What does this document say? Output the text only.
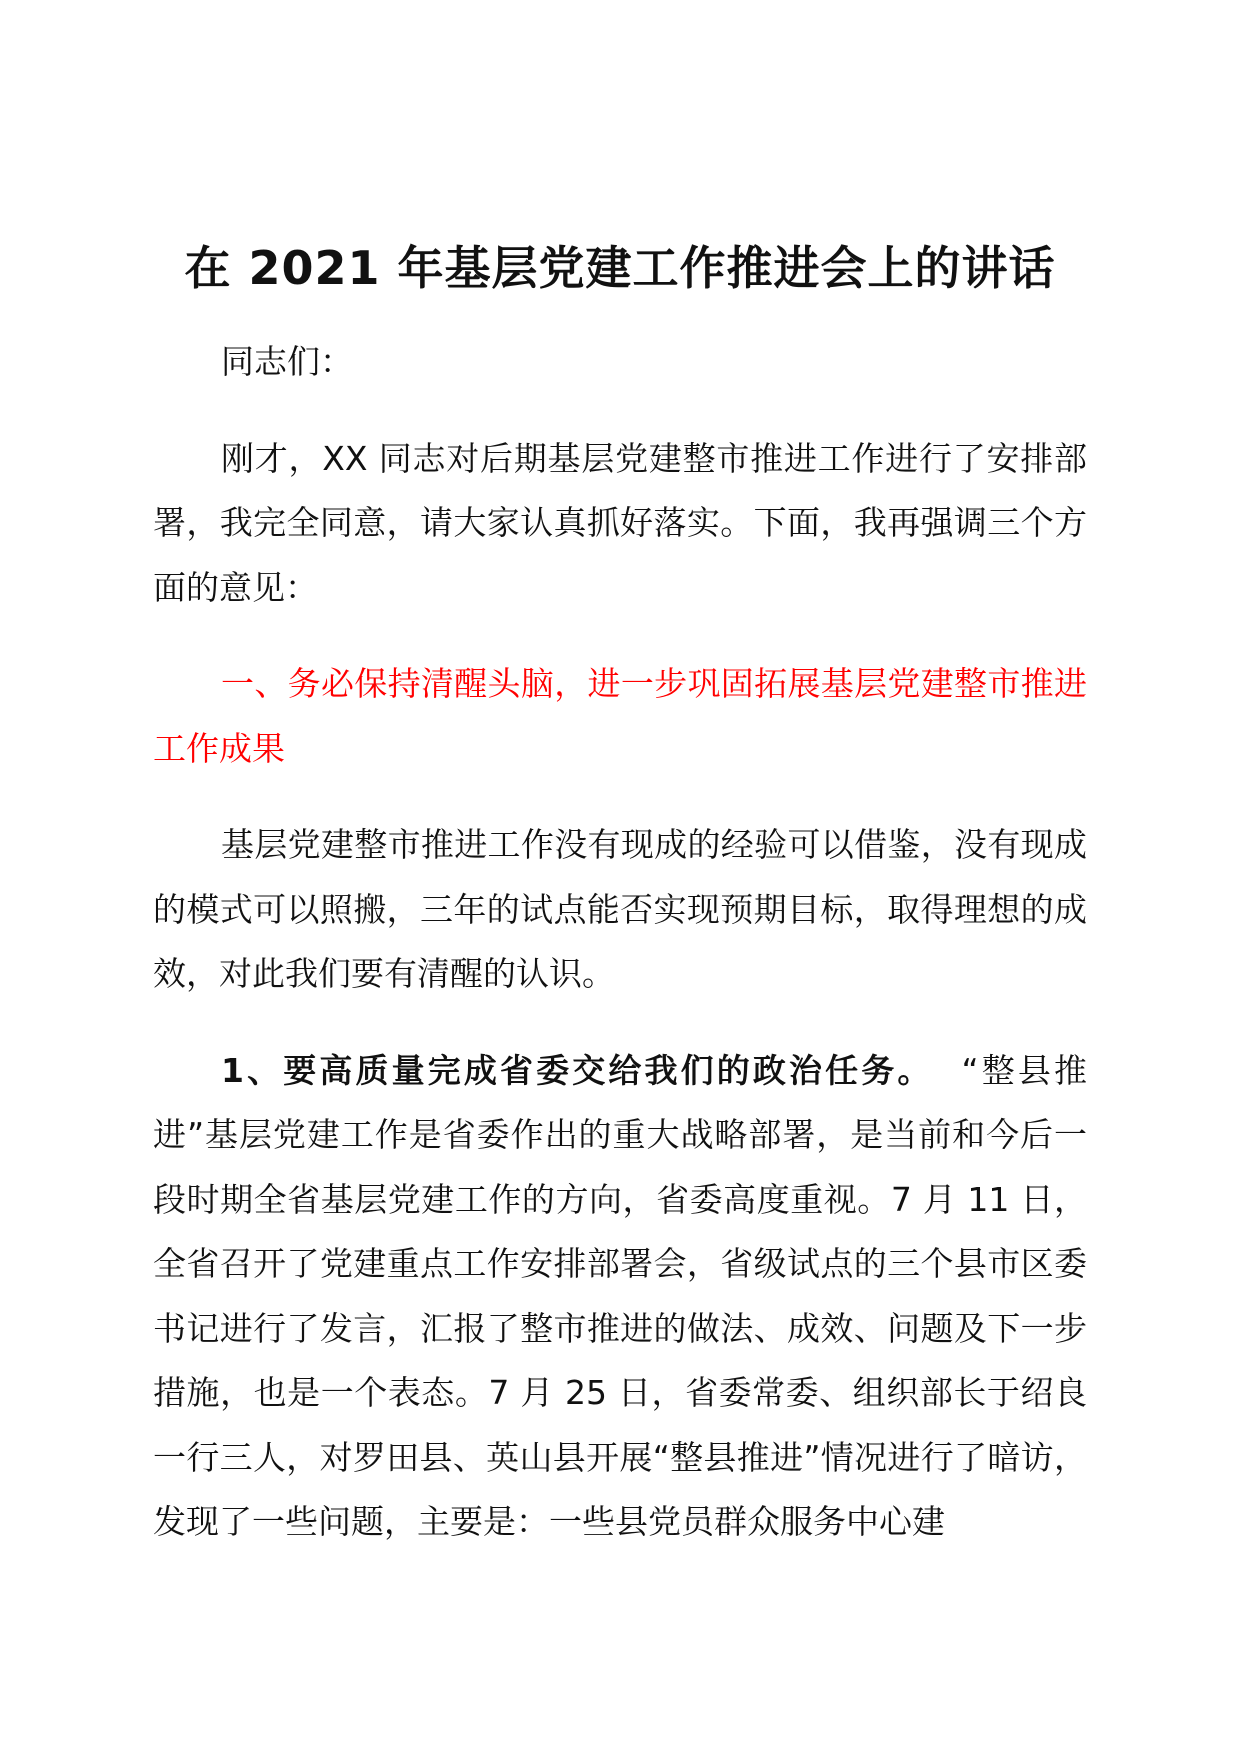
在 2021 年基层党建工作推进会上的讲话

同志们：

刚才，XX 同志对后期基层党建整市推进工作进行了安排部署，我完全同意，请大家认真抓好落实。下面，我再强调三个方面的意见：

一、务必保持清醒头脑，进一步巩固拓展基层党建整市推进工作成果

基层党建整市推进工作没有现成的经验可以借鉴，没有现成的模式可以照搬，三年的试点能否实现预期目标，取得理想的成效，对此我们要有清醒的认识。

1、要高质量完成省委交给我们的政治任务。 “整县推进”基层党建工作是省委作出的重大战略部署，是当前和今后一段时期全省基层党建工作的方向，省委高度重视。7 月 11 日，全省召开了党建重点工作安排部署会，省级试点的三个县市区委书记进行了发言，汇报了整市推进的做法、成效、问题及下一步措施，也是一个表态。7 月 25 日，省委常委、组织部长于绍良一行三人，对罗田县、英山县开展“整县推进”情况进行了暗访，发现了一些问题，主要是：一些县党员群众服务中心建
